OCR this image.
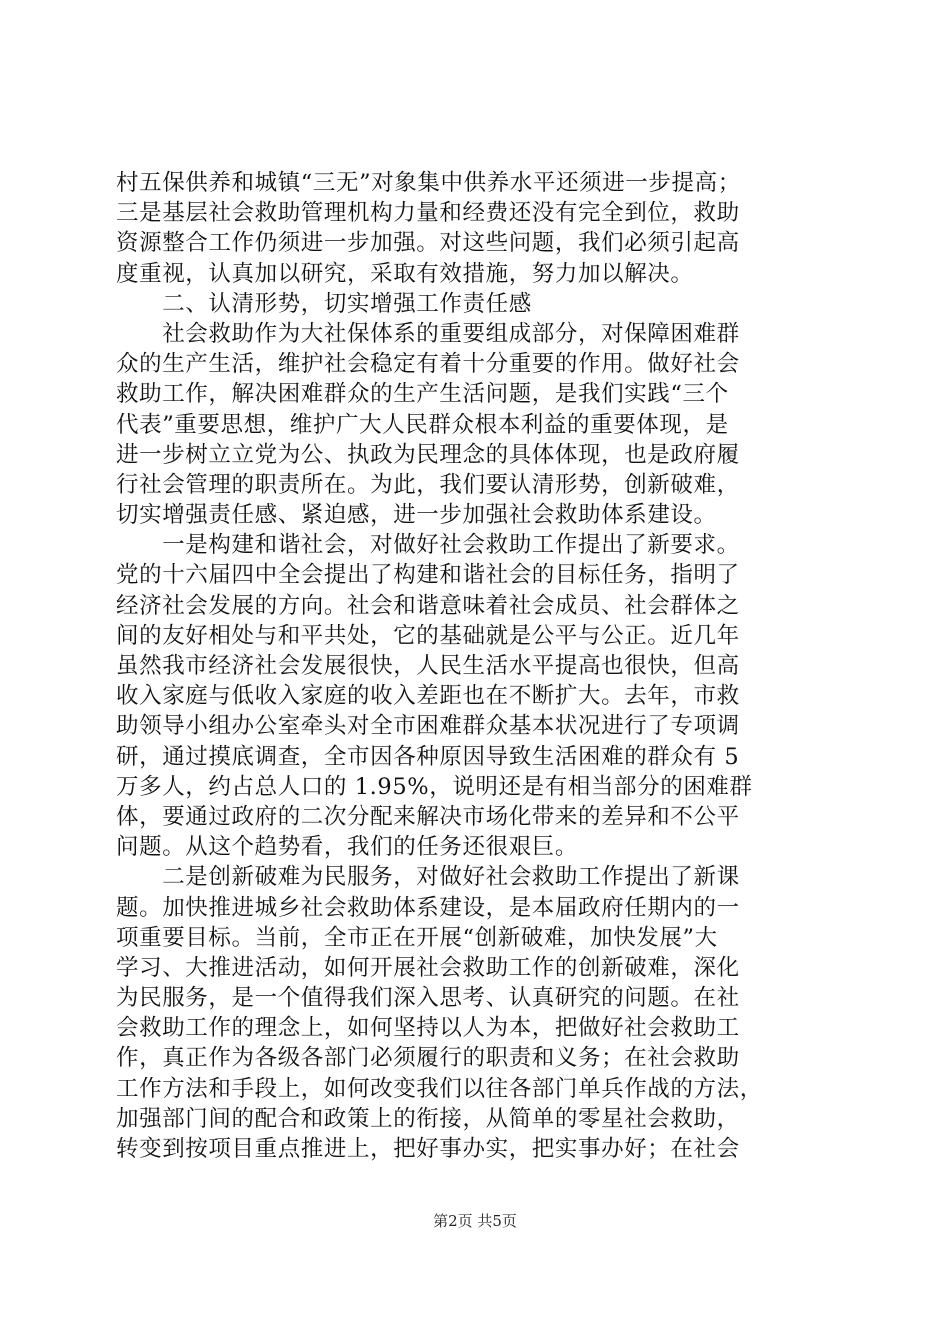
村五保供养和城镇“三无”对象集中供养水平还须进一步提高；
三是基层社会救助管理机构力量和经费还没有完全到位，救助
资源整合工作仍须进一步加强。对这些问题，我们必须引起高
度重视，认真加以研究，采取有效措施，努力加以解决。
　　二、认清形势，切实增强工作责任感
　　社会救助作为大社保体系的重要组成部分，对保障困难群
众的生产生活，维护社会稳定有着十分重要的作用。做好社会
救助工作，解决困难群众的生产生活问题，是我们实践“三个
代表”重要思想，维护广大人民群众根本利益的重要体现，是
进一步树立立党为公、执政为民理念的具体体现，也是政府履
行社会管理的职责所在。为此，我们要认清形势，创新破难，
切实增强责任感、紧迫感，进一步加强社会救助体系建设。
　　一是构建和谐社会，对做好社会救助工作提出了新要求。
党的十六届四中全会提出了构建和谐社会的目标任务，指明了
经济社会发展的方向。社会和谐意味着社会成员、社会群体之
间的友好相处与和平共处，它的基础就是公平与公正。近几年
虽然我市经济社会发展很快，人民生活水平提高也很快，但高
收入家庭与低收入家庭的收入差距也在不断扩大。去年，市救
助领导小组办公室牵头对全市困难群众基本状况进行了专项调
研，通过摸底调查，全市因各种原因导致生活困难的群众有 5
万多人，约占总人口的 1.95%，说明还是有相当部分的困难群
体，要通过政府的二次分配来解决市场化带来的差异和不公平
问题。从这个趋势看，我们的任务还很艰巨。
　　二是创新破难为民服务，对做好社会救助工作提出了新课
题。加快推进城乡社会救助体系建设，是本届政府任期内的一
项重要目标。当前，全市正在开展“创新破难，加快发展”大
学习、大推进活动，如何开展社会救助工作的创新破难，深化
为民服务，是一个值得我们深入思考、认真研究的问题。在社
会救助工作的理念上，如何坚持以人为本，把做好社会救助工
作，真正作为各级各部门必须履行的职责和义务；在社会救助
工作方法和手段上，如何改变我们以往各部门单兵作战的方法，
加强部门间的配合和政策上的衔接，从简单的零星社会救助，
转变到按项目重点推进上，把好事办实，把实事办好；在社会
第2页 共5页
